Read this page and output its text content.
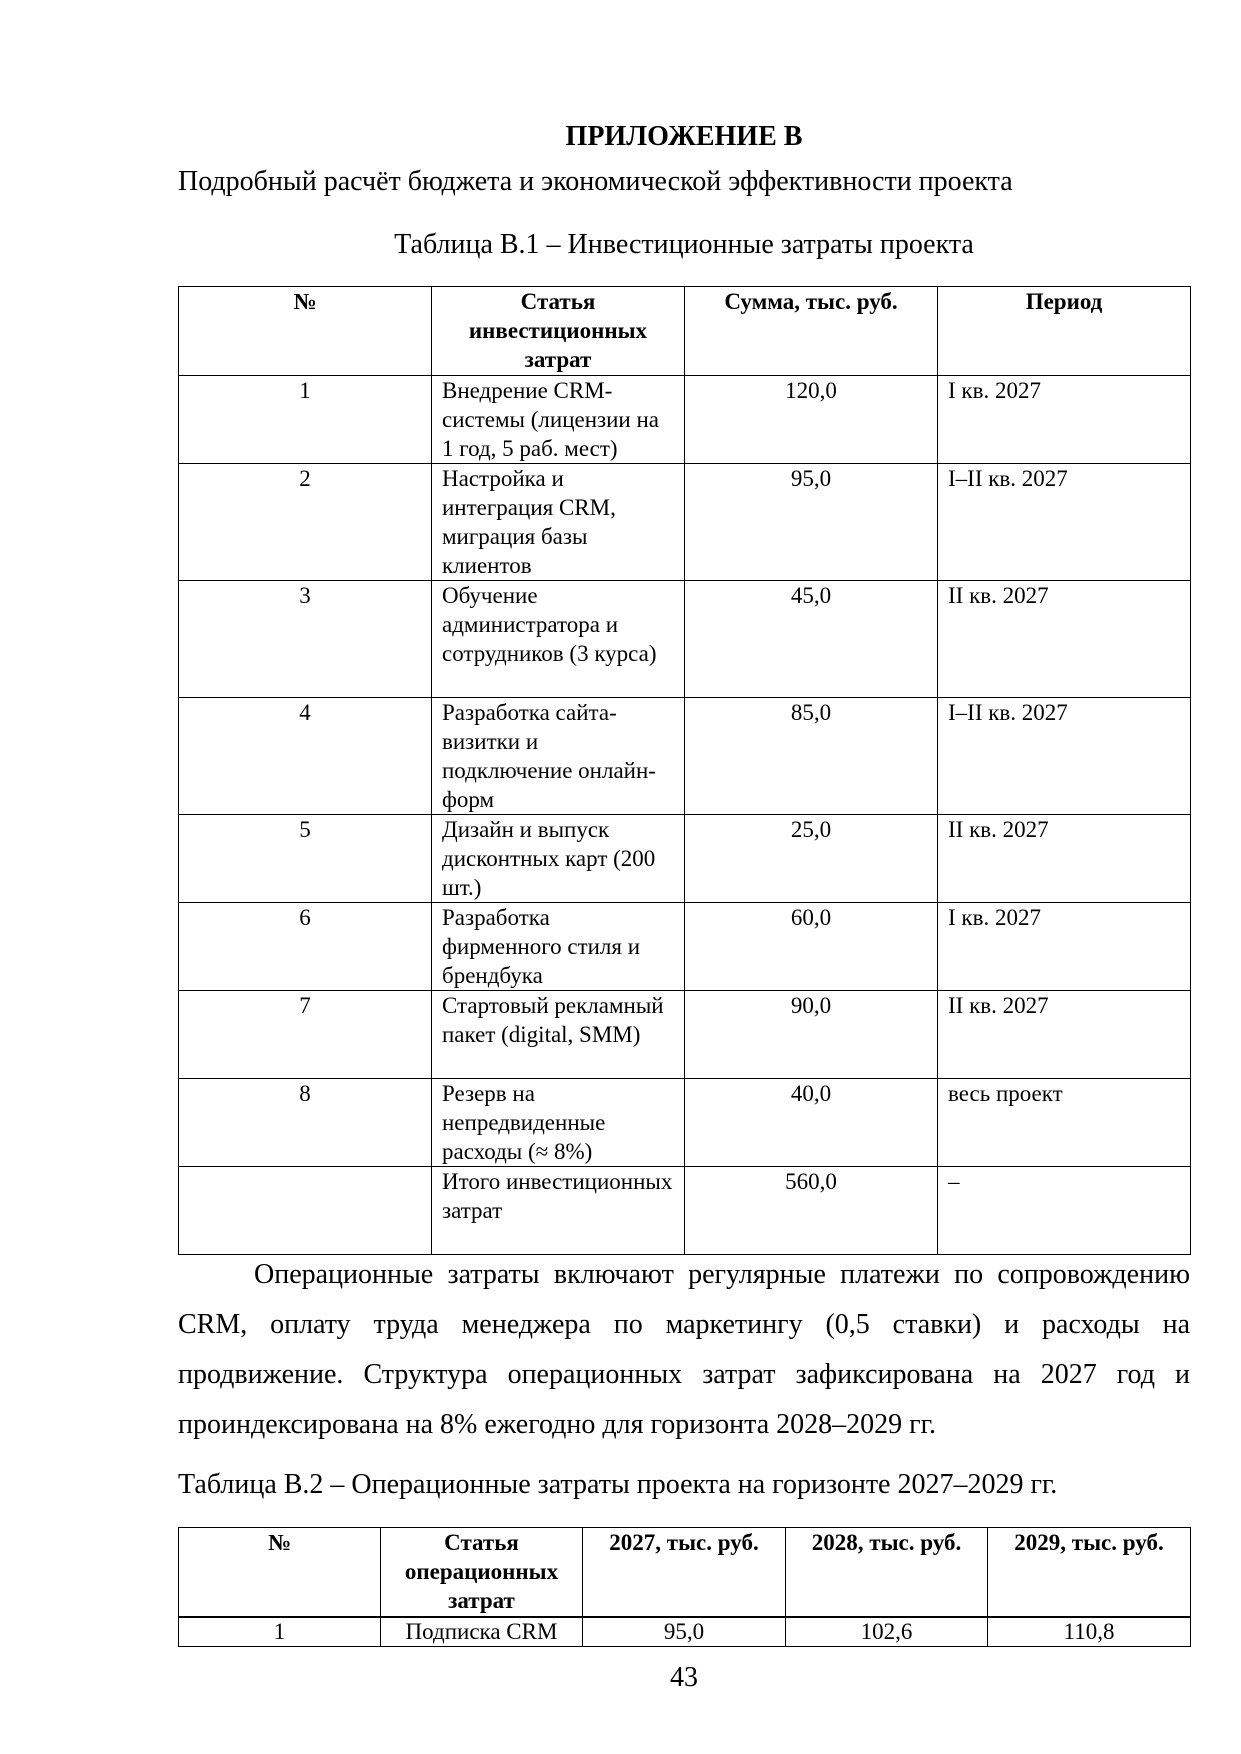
ПРИЛОЖЕНИЕ В

Подробный расчёт бюджета и экономической эффективности проекта

Таблица В.1 – Инвестиционные затраты проекта

№	Статья инвестиционных затрат	Сумма, тыс. руб.	Период
1	Внедрение CRM-системы (лицензии на 1 год, 5 раб. мест)	120,0	I кв. 2027
2	Настройка и интеграция CRM, миграция базы клиентов	95,0	I–II кв. 2027
3	Обучение администратора и сотрудников (3 курса)	45,0	II кв. 2027
4	Разработка сайта-визитки и подключение онлайн-форм	85,0	I–II кв. 2027
5	Дизайн и выпуск дисконтных карт (200 шт.)	25,0	II кв. 2027
6	Разработка фирменного стиля и брендбука	60,0	I кв. 2027
7	Стартовый рекламный пакет (digital, SMM)	90,0	II кв. 2027
8	Резерв на непредвиденные расходы (≈ 8%)	40,0	весь проект
	Итого инвестиционных затрат	560,0	–

Операционные затраты включают регулярные платежи по сопровождению CRM, оплату труда менеджера по маркетингу (0,5 ставки) и расходы на продвижение. Структура операционных затрат зафиксирована на 2027 год и проиндексирована на 8% ежегодно для горизонта 2028–2029 гг.

Таблица В.2 – Операционные затраты проекта на горизонте 2027–2029 гг.

№	Статья операционных затрат	2027, тыс. руб.	2028, тыс. руб.	2029, тыс. руб.
1	Подписка CRM	95,0	102,6	110,8

43
